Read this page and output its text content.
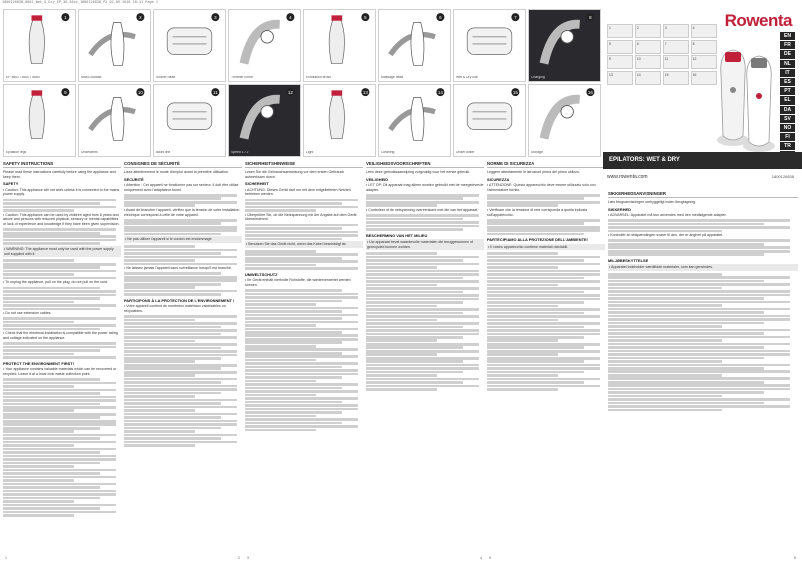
1800126838_0001_Wet_&_Dry_EP_36-56xx_1800126838_P2 02-09-2016 10:41 Page 1
1
EP 3601 / 5620 / 5660
2
Micro-contact
3
Shaver head
4
Trimmer comb
5
Exfoliation brush
6
Massage head
7
Wet & Dry use
8
Charging
9
Epilation legs
10
Underarms
11
Bikini line
12
Speed 1 / 2
13
Light
14
Cleaning
15
Under water
16
Storage
SAFETY INSTRUCTIONS

Please read these instructions carefully before using the appliance and keep them.

SAFETY

• Caution: This appliance will not work unless it is connected to the mains power supply.

• Caution: This appliance can be used by children aged from 8 years and above and persons with reduced physical, sensory or mental capabilities or lack of experience and knowledge if they have been given supervision.

• WARNING: The appliance must only be used with the power supply unit supplied with it.

• To unplug the appliance, pull on the plug, do not pull on the cord.

• Do not use extension cables.

• Check that the electrical installation is compatible with the power rating and voltage indicated on the appliance.

PROTECT THE ENVIRONMENT FIRST!

• Your appliance contains valuable materials which can be recovered or recycled. Leave it at a local civic waste collection point.

1
CONSIGNES DE SÉCURITÉ

Lisez attentivement le mode d'emploi avant la première utilisation.

SÉCURITÉ

• Attention : Cet appareil ne fonctionne pas sur secteur. Il doit être utilisé uniquement avec l'adaptateur fourni.

• Avant de brancher l'appareil, vérifiez que la tension de votre installation électrique correspond à celle de votre appareil.

• Ne pas utiliser l'appareil si le cordon est endommagé.

• Ne laissez jamais l'appareil sans surveillance lorsqu'il est branché.

PARTICIPONS À LA PROTECTION DE L'ENVIRONNEMENT !

• Votre appareil contient de nombreux matériaux valorisables ou recyclables.

2
SICHERHEITSHINWEISE

Lesen Sie die Gebrauchsanweisung vor dem ersten Gebrauch aufmerksam durch.

SICHERHEIT

• ACHTUNG: Dieses Gerät darf nur mit dem mitgelieferten Netzteil betrieben werden.

• Überprüfen Sie, ob die Netzspannung mit der Angabe auf dem Gerät übereinstimmt.

• Benutzen Sie das Gerät nicht, wenn das Kabel beschädigt ist.

UMWELTSCHUTZ

• Ihr Gerät enthält wertvolle Rohstoffe, die wiederverwertet werden können.

3
VEILIGHEIDSVOORSCHRIFTEN

Lees deze gebruiksaanwijzing zorgvuldig voor het eerste gebruik.

VEILIGHEID

• LET OP: Dit apparaat mag alleen worden gebruikt met de meegeleverde adapter.

• Controleer of de netspanning overeenkomt met die van het apparaat.

BESCHERMING VAN HET MILIEU

• Uw apparaat bevat waardevolle materialen die teruggewonnen of gerecycled kunnen worden.

4
NORME DI SICUREZZA

Leggere attentamente le istruzioni prima del primo utilizzo.

SICUREZZA

• ATTENZIONE: Questo apparecchio deve essere utilizzato solo con l'alimentatore fornito.

• Verificare che la tensione di rete corrisponda a quella indicata sull'apparecchio.

PARTECIPIAMO ALLA PROTEZIONE DELL'AMBIENTE!

• Il vostro apparecchio contiene materiali riciclabili.

5
SIKKERHEDSANVISNINGER

Læs brugsanvisningen omhyggeligt inden ibrugtagning.

SIKKERHED

• ADVARSEL: Apparatet må kun anvendes med den medfølgende adapter.

• Kontrollér at netspændingen svarer til den, der er angivet på apparatet.

MILJØBESKYTTELSE

• Apparatet indeholder værdifulde materialer, som kan genvindes.

6
Rowenta
1	2	3	4
5	6	7	8
9	10	11	12
13	14	15	16
EN
FR
DE
NL
IT
ES
PT
EL
DA
SV
NO
FI
TR
EPILATORS: WET & DRY
www.rowenta.com	1800126838
